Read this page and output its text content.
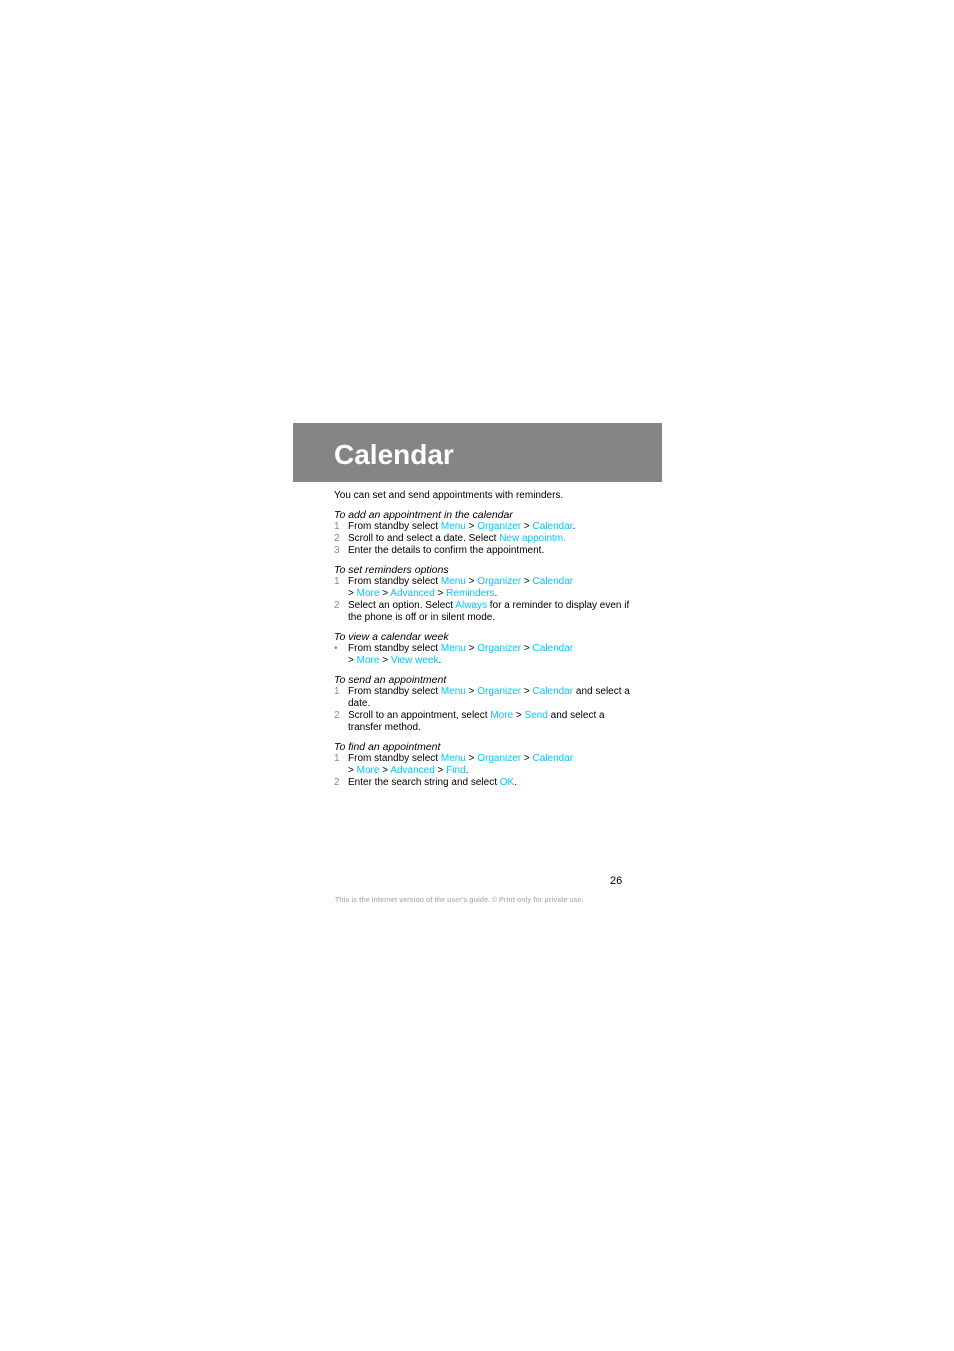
Calendar

You can set and send appointments with reminders.

To add an appointment in the calendar

1 From standby select Menu > Organizer > Calendar.
2 Scroll to and select a date. Select New appointm.
3 Enter the details to confirm the appointment.

To set reminders options

1 From standby select Menu > Organizer > Calendar
> More > Advanced > Reminders.
2 Select an option. Select Always for a reminder to display even if the phone is off or in silent mode.

To view a calendar week

•	From standby select Menu > Organizer > Calendar
> More > View week.

To send an appointment

1 From standby select Menu > Organizer > Calendar and select a date.
2 Scroll to an appointment, select More > Send and select a transfer method.

To find an appointment

1 From standby select Menu > Organizer > Calendar
> More > Advanced > Find.
2 Enter the search string and select OK.
26
This is the Internet version of the user's guide. © Print only for private use.
